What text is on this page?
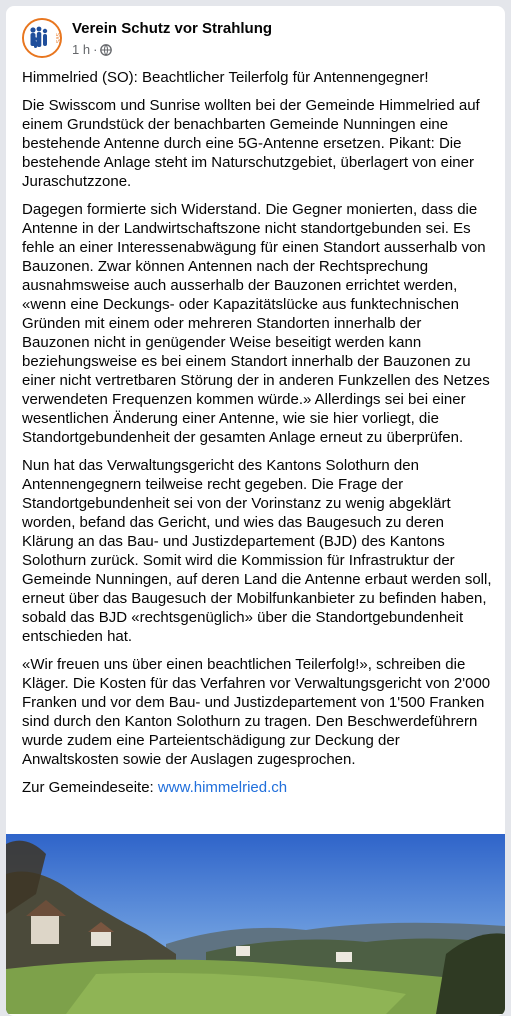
SVS
Verein Schutz vor Strahlung
1 h ·

Himmelried (SO): Beachtlicher Teilerfolg für Antennengegner!

Die Swisscom und Sunrise wollten bei der Gemeinde Himmelried auf einem Grundstück der benachbarten Gemeinde Nunningen eine bestehende Antenne durch eine 5G-Antenne ersetzen. Pikant: Die bestehende Anlage steht im Naturschutzgebiet, überlagert von einer Juraschutzzone.

Dagegen formierte sich Widerstand. Die Gegner monierten, dass die Antenne in der Landwirtschaftszone nicht standortgebunden sei. Es fehle an einer Interessenabwägung für einen Standort ausserhalb von Bauzonen. Zwar können Antennen nach der Rechtsprechung ausnahmsweise auch ausserhalb der Bauzonen errichtet werden, «wenn eine Deckungs- oder Kapazitätslücke aus funktechnischen Gründen mit einem oder mehreren Standorten innerhalb der Bauzonen nicht in genügender Weise beseitigt werden kann beziehungsweise es bei einem Standort innerhalb der Bauzonen zu einer nicht vertretbaren Störung der in anderen Funkzellen des Netzes verwendeten Frequenzen kommen würde.» Allerdings sei bei einer wesentlichen Änderung einer Antenne, wie sie hier vorliegt, die Standortgebundenheit der gesamten Anlage erneut zu überprüfen.

Nun hat das Verwaltungsgericht des Kantons Solothurn den Antennengegnern teilweise recht gegeben. Die Frage der Standortgebundenheit sei von der Vorinstanz zu wenig abgeklärt worden, befand das Gericht, und wies das Baugesuch zu deren Klärung an das Bau- und Justizdepartement (BJD) des Kantons Solothurn zurück. Somit wird die Kommission für Infrastruktur der Gemeinde Nunningen, auf deren Land die Antenne erbaut werden soll, erneut über das Baugesuch der Mobilfunkanbieter zu befinden haben, sobald das BJD «rechtsgenüglich» über die Standortgebundenheit entschieden hat.

«Wir freuen uns über einen beachtlichen Teilerfolg!», schreiben die Kläger. Die Kosten für das Verfahren vor Verwaltungsgericht von 2'000 Franken und vor dem Bau- und Justizdepartement von 1'500 Franken sind durch den Kanton Solothurn zu tragen. Den Beschwerdeführern wurde zudem eine Parteientschädigung zur Deckung der Anwaltskosten sowie der Auslagen zugesprochen.

Zur Gemeindeseite: www.himmelried.ch
